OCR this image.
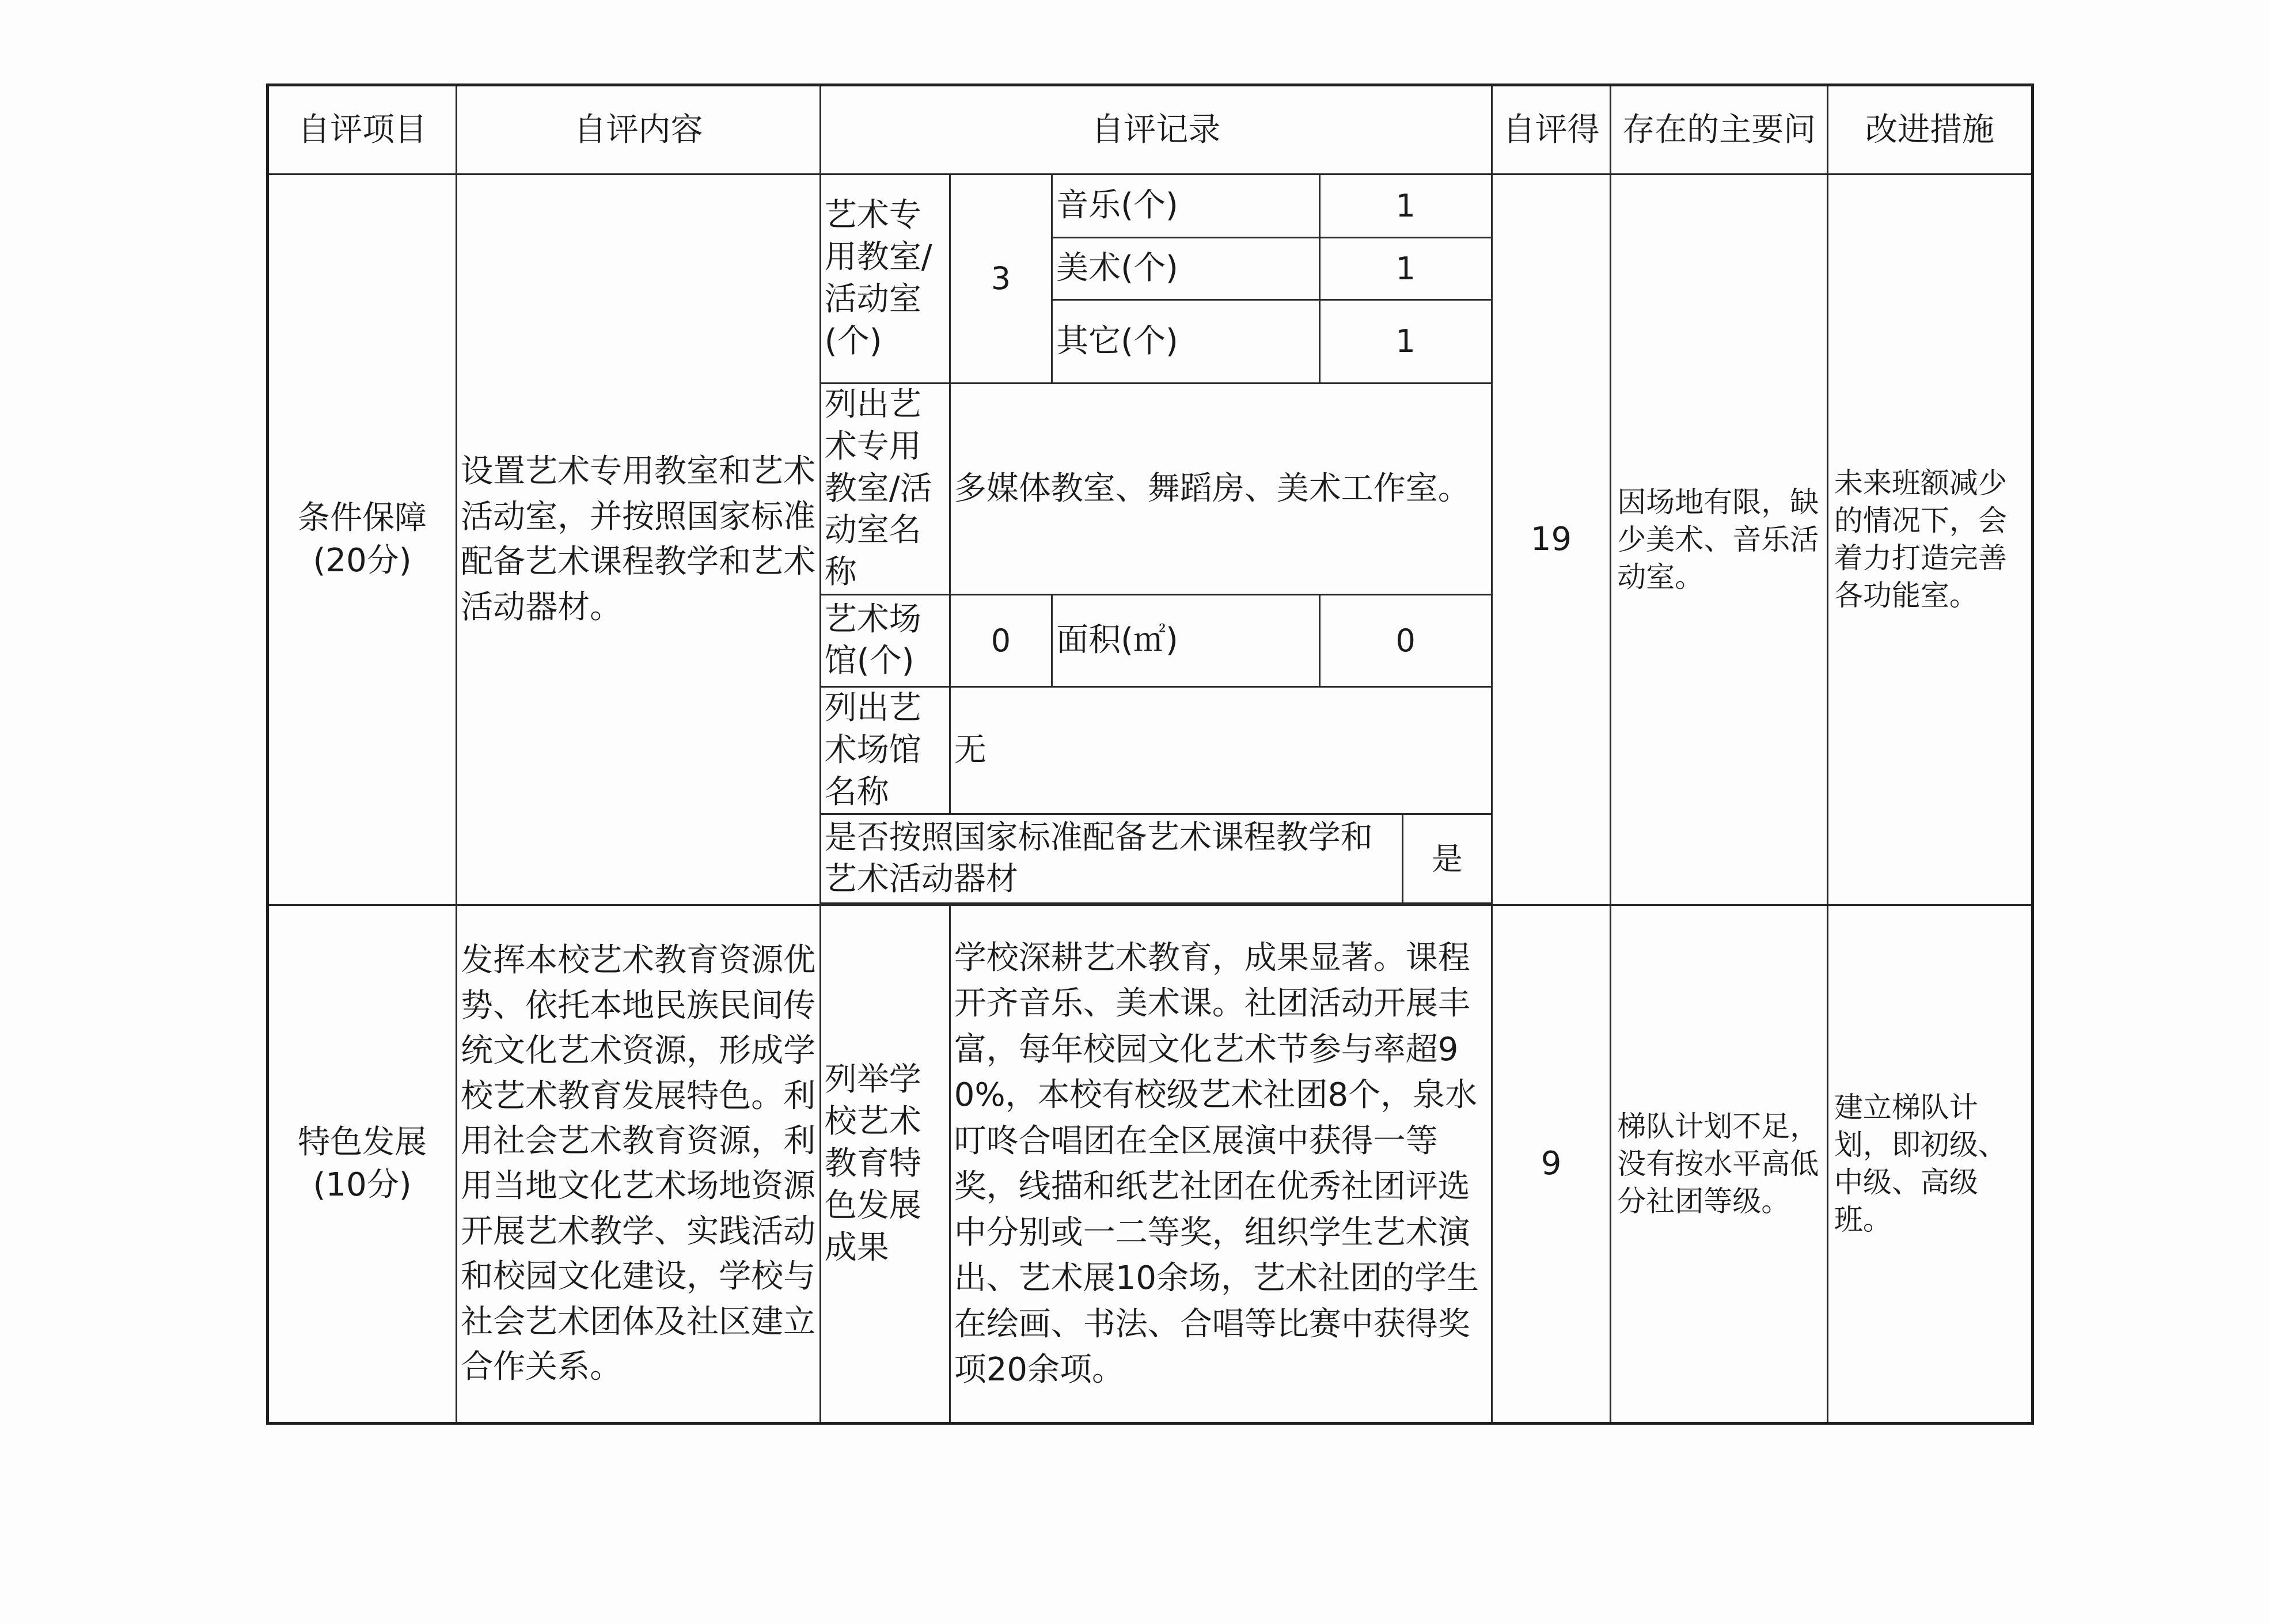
自评项目	自评内容	自评记录					自评得	存在的主要问	改进措施

条件保障
(20分)	设置艺术专用教室和艺术活动室，并按照国家标准配备艺术课程教学和艺术活动器材。	艺术专用教室/活动室(个)	3	音乐(个)	1		19	因场地有限，缺少美术、音乐活动室。	未来班额减少的情况下，会着力打造完善各功能室。
				美术(个)	1				
				其它(个)	1				
		列出艺术专用教室/活动室名称	多媒体教室、舞蹈房、美术工作室。						
		艺术场馆(个)	0	面积(㎡)	0				
		列出艺术场馆名称	无						
		是否按照国家标准配备艺术课程教学和艺术活动器材				是			

特色发展
(10分)	发挥本校艺术教育资源优势、依托本地民族民间传统文化艺术资源，形成学校艺术教育发展特色。利用社会艺术教育资源，利用当地文化艺术场地资源开展艺术教学、实践活动和校园文化建设，学校与社会艺术团体及社区建立合作关系。	列举学校艺术教育特色发展成果	学校深耕艺术教育，成果显著。课程开齐音乐、美术课。社团活动开展丰富，每年校园文化艺术节参与率超90%，本校有校级艺术社团8个，泉水叮咚合唱团在全区展演中获得一等奖，线描和纸艺社团在优秀社团评选中分别或一二等奖，组织学生艺术演出、艺术展10余场，艺术社团的学生在绘画、书法、合唱等比赛中获得奖项20余项。				9	梯队计划不足，没有按水平高低分社团等级。	建立梯队计划，即初级、中级、高级班。
